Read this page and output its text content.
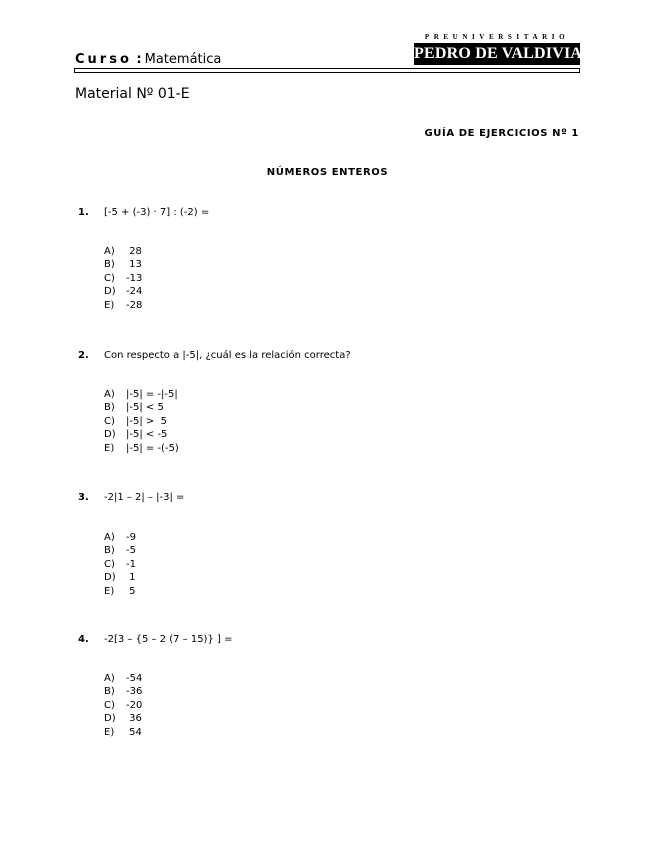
Curso : Matemática
PREUNIVERSITARIO
PEDRO DE VALDIVIA
Material Nº 01-E
GUÍA DE EJERCICIOS Nº 1
NÚMEROS ENTEROS
1. [-5 + (-3) · 7] : (-2) =
A) 28
B) 13
C) -13
D) -24
E) -28
2. Con respecto a |-5|, ¿cuál es la relación correcta?
A) |-5| = -|-5|
B) |-5| < 5
C) |-5| >  5
D) |-5| < -5
E) |-5| = -(-5)
3. -2|1 – 2| – |-3| =
A) -9
B) -5
C) -1
D) 1
E) 5
4. -2[3 – {5 – 2 (7 – 15)} ] =
A) -54
B) -36
C) -20
D) 36
E) 54
